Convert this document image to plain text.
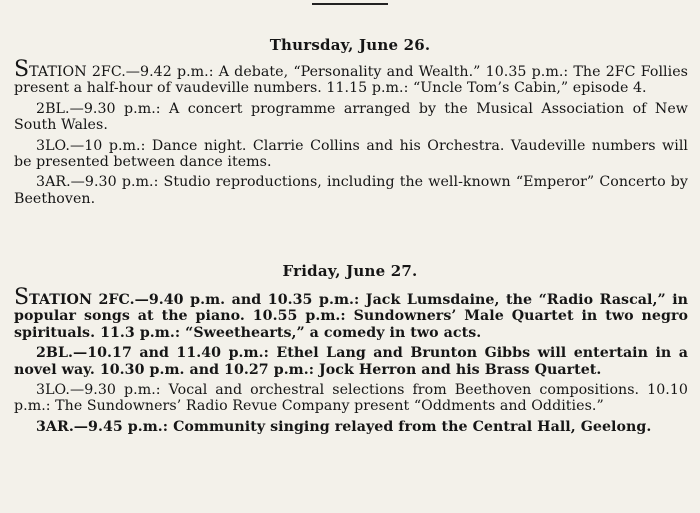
Thursday, June 26.

STATION 2FC.—9.42 p.m.: A debate, “Personality and Wealth.” 10.35 p.m.: The 2FC Follies present a half-hour of vaudeville numbers. 11.15 p.m.: “Uncle Tom’s Cabin,” episode 4.

2BL.—9.30 p.m.: A concert programme arranged by the Musical Association of New South Wales.

3LO.—10 p.m.: Dance night. Clarrie Collins and his Orchestra. Vaudeville numbers will be presented between dance items.

3AR.—9.30 p.m.: Studio reproductions, including the well-known “Emperor” Concerto by Beethoven.

Friday, June 27.

STATION 2FC.—9.40 p.m. and 10.35 p.m.: Jack Lumsdaine, the “Radio Rascal,” in popular songs at the piano. 10.55 p.m.: Sundowners’ Male Quartet in two negro spirituals. 11.3 p.m.: “Sweethearts,” a comedy in two acts.

2BL.—10.17 and 11.40 p.m.: Ethel Lang and Brunton Gibbs will entertain in a novel way. 10.30 p.m. and 10.27 p.m.: Jock Herron and his Brass Quartet.

3LO.—9.30 p.m.: Vocal and orchestral selections from Beethoven compositions. 10.10 p.m.: The Sundowners’ Radio Revue Company present “Oddments and Oddities.”

3AR.—9.45 p.m.: Community singing relayed from the Central Hall, Geelong.
